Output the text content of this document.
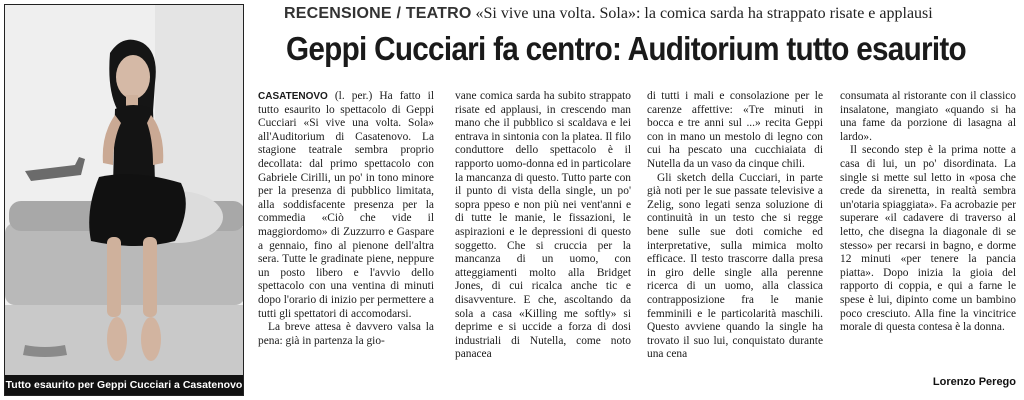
Tutto esaurito per Geppi Cucciari a Casatenovo
RECENSIONE / TEATRO «Si vive una volta. Sola»: la comica sarda ha strappato risate e applausi
Geppi Cucciari fa centro: Auditorium tutto esaurito

CASATENOVO (l. per.) Ha fatto il tutto esaurito lo spettacolo di Geppi Cucciari «Si vive una volta. Sola» all'Auditorium di Casatenovo. La stagione teatrale sembra proprio decollata: dal primo spettacolo con Gabriele Cirilli, un po' in tono minore per la presenza di pubblico limitata, alla soddisfacente presenza per la commedia «Ciò che vide il maggiordomo» di Zuzzurro e Gaspare a gennaio, fino al pienone dell'altra sera. Tutte le gradinate piene, neppure un posto libero e l'avvio dello spettacolo con una ventina di minuti dopo l'orario di inizio per permettere a tutti gli spettatori di accomodarsi.

La breve attesa è davvero valsa la pena: già in partenza la gio-

vane comica sarda ha subito strappato risate ed applausi, in crescendo man mano che il pubblico si scaldava e lei entrava in sintonia con la platea. Il filo conduttore dello spettacolo è il rapporto uomo-donna ed in particolare la mancanza di questo. Tutto parte con il punto di vista della single, un po' sopra ppeso e non più nei vent'anni e di tutte le manie, le fissazioni, le aspirazioni e le depressioni di questo soggetto. Che si cruccia per la mancanza di un uomo, con atteggiamenti molto alla Bridget Jones, di cui ricalca anche tic e disavventure. E che, ascoltando da sola a casa «Killing me softly» si deprime e si uccide a forza di dosi industriali di Nutella, come noto panacea

di tutti i mali e consolazione per le carenze affettive: «Tre minuti in bocca e tre anni sul ...» recita Geppi con in mano un mestolo di legno con cui ha pescato una cucchiaiata di Nutella da un vaso da cinque chili.

Gli sketch della Cucciari, in parte già noti per le sue passate televisive a Zelig, sono legati senza soluzione di continuità in un testo che si regge bene sulle sue doti comiche ed interpretative, sulla mimica molto efficace. Il testo trascorre dalla presa in giro delle single alla perenne ricerca di un uomo, alla classica contrapposizione fra le manie femminili e le particolarità maschili. Questo avviene quando la single ha trovato il suo lui, conquistato durante una cena

consumata al ristorante con il classico insalatone, mangiato «quando si ha una fame da porzione di lasagna al lardo».

Il secondo step è la prima notte a casa di lui, un po' disordinata. La single si mette sul letto in «posa che crede da sirenetta, in realtà sembra un'otaria spiaggiata». Fa acrobazie per superare «il cadavere di traverso al letto, che disegna la diagonale di se stesso» per recarsi in bagno, e dorme 12 minuti «per tenere la pancia piatta». Dopo inizia la gioia del rapporto di coppia, e qui a farne le spese è lui, dipinto come un bambino poco cresciuto. Alla fine la vincitrice morale di questa contesa è la donna.

Lorenzo Perego
